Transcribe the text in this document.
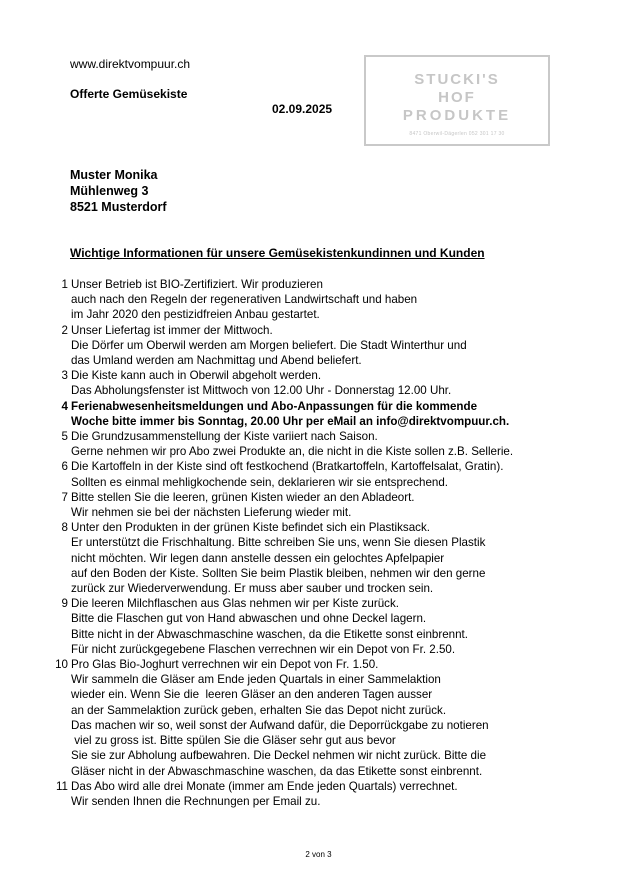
www.direktvompuur.ch
Offerte Gemüsekiste
02.09.2025
STUCKI'S
HOF
PRODUKTE
8471 Oberwil-Dägerlen 052 301 17 30
Muster Monika
Mühlenweg 3
8521 Musterdorf
Wichtige Informationen für unsere Gemüsekistenkundinnen und Kunden
1 Unser Betrieb ist BIO-Zertifiziert. Wir produzieren
auch nach den Regeln der regenerativen Landwirtschaft und haben
im Jahr 2020 den pestizidfreien Anbau gestartet.
2 Unser Liefertag ist immer der Mittwoch.
Die Dörfer um Oberwil werden am Morgen beliefert. Die Stadt Winterthur und
das Umland werden am Nachmittag und Abend beliefert.
3 Die Kiste kann auch in Oberwil abgeholt werden.
Das Abholungsfenster ist Mittwoch von 12.00 Uhr - Donnerstag 12.00 Uhr.
4 Ferienabwesenheitsmeldungen und Abo-Anpassungen für die kommende
Woche bitte immer bis Sonntag, 20.00 Uhr per eMail an info@direktvompuur.ch.
5 Die Grundzusammenstellung der Kiste variiert nach Saison.
Gerne nehmen wir pro Abo zwei Produkte an, die nicht in die Kiste sollen z.B. Sellerie.
6 Die Kartoffeln in der Kiste sind oft festkochend (Bratkartoffeln, Kartoffelsalat, Gratin).
Sollten es einmal mehligkochende sein, deklarieren wir sie entsprechend.
7 Bitte stellen Sie die leeren, grünen Kisten wieder an den Abladeort.
Wir nehmen sie bei der nächsten Lieferung wieder mit.
8 Unter den Produkten in der grünen Kiste befindet sich ein Plastiksack.
Er unterstützt die Frischhaltung. Bitte schreiben Sie uns, wenn Sie diesen Plastik
nicht möchten. Wir legen dann anstelle dessen ein gelochtes Apfelpapier
auf den Boden der Kiste. Sollten Sie beim Plastik bleiben, nehmen wir den gerne
zurück zur Wiederverwendung. Er muss aber sauber und trocken sein.
9 Die leeren Milchflaschen aus Glas nehmen wir per Kiste zurück.
Bitte die Flaschen gut von Hand abwaschen und ohne Deckel lagern.
Bitte nicht in der Abwaschmaschine waschen, da die Etikette sonst einbrennt.
Für nicht zurückgegebene Flaschen verrechnen wir ein Depot von Fr. 2.50.
10 Pro Glas Bio-Joghurt verrechnen wir ein Depot von Fr. 1.50.
Wir sammeln die Gläser am Ende jeden Quartals in einer Sammelaktion
wieder ein. Wenn Sie die  leeren Gläser an den anderen Tagen ausser
an der Sammelaktion zurück geben, erhalten Sie das Depot nicht zurück.
Das machen wir so, weil sonst der Aufwand dafür, die Deporrückgabe zu notieren
viel zu gross ist. Bitte spülen Sie die Gläser sehr gut aus bevor
Sie sie zur Abholung aufbewahren. Die Deckel nehmen wir nicht zurück. Bitte die
Gläser nicht in der Abwaschmaschine waschen, da das Etikette sonst einbrennt.
11 Das Abo wird alle drei Monate (immer am Ende jeden Quartals) verrechnet.
Wir senden Ihnen die Rechnungen per Email zu.
2 von 3
